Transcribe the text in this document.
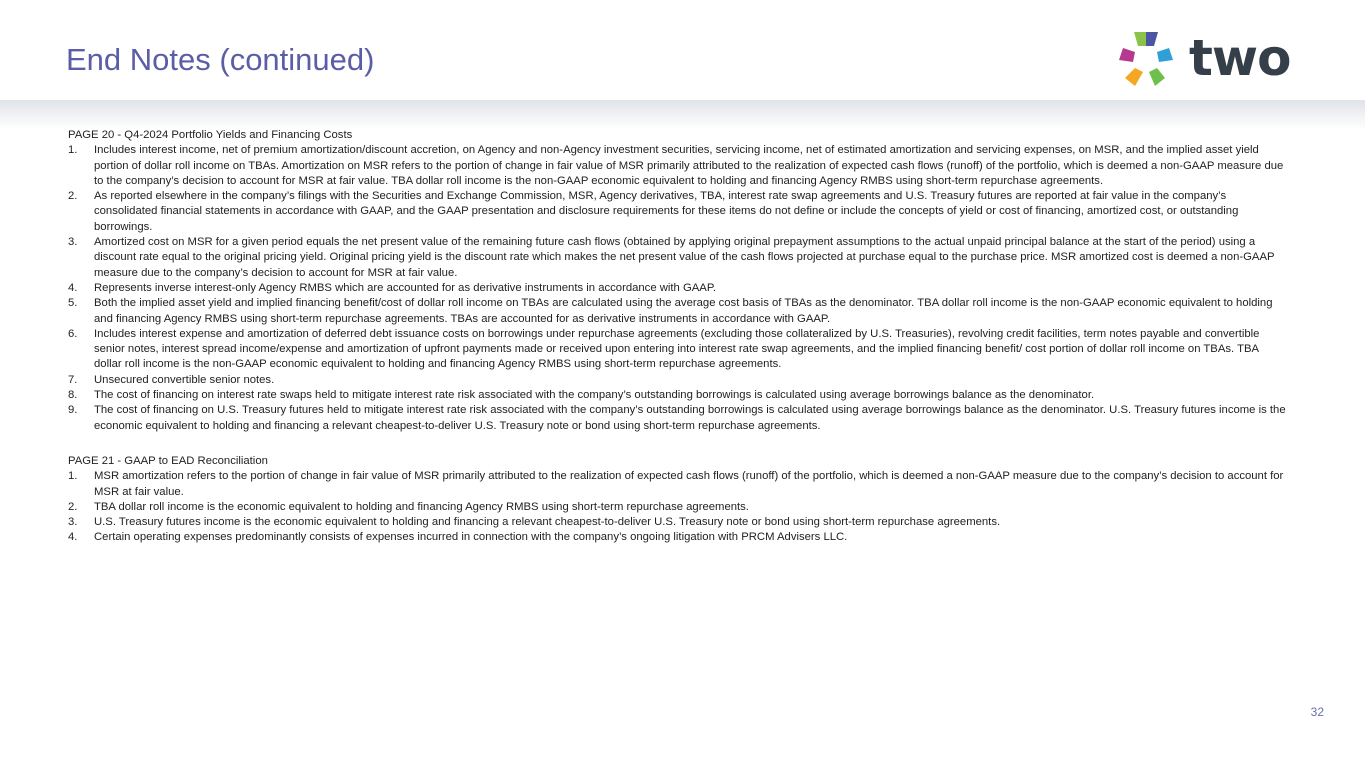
End Notes (continued)	two

PAGE 20 - Q4-2024 Portfolio Yields and Financing Costs

1. Includes interest income, net of premium amortization/discount accretion, on Agency and non-Agency investment securities, servicing income, net of estimated amortization and servicing expenses, on MSR, and the implied asset yield portion of dollar roll income on TBAs. Amortization on MSR refers to the portion of change in fair value of MSR primarily attributed to the realization of expected cash flows (runoff) of the portfolio, which is deemed a non-GAAP measure due to the company’s decision to account for MSR at fair value. TBA dollar roll income is the non-GAAP economic equivalent to holding and financing Agency RMBS using short-term repurchase agreements.
2. As reported elsewhere in the company’s filings with the Securities and Exchange Commission, MSR, Agency derivatives, TBA, interest rate swap agreements and U.S. Treasury futures are reported at fair value in the company’s consolidated financial statements in accordance with GAAP, and the GAAP presentation and disclosure requirements for these items do not define or include the concepts of yield or cost of financing, amortized cost, or outstanding borrowings.
3. Amortized cost on MSR for a given period equals the net present value of the remaining future cash flows (obtained by applying original prepayment assumptions to the actual unpaid principal balance at the start of the period) using a discount rate equal to the original pricing yield. Original pricing yield is the discount rate which makes the net present value of the cash flows projected at purchase equal to the purchase price. MSR amortized cost is deemed a non-GAAP measure due to the company’s decision to account for MSR at fair value.
4. Represents inverse interest-only Agency RMBS which are accounted for as derivative instruments in accordance with GAAP.
5. Both the implied asset yield and implied financing benefit/cost of dollar roll income on TBAs are calculated using the average cost basis of TBAs as the denominator. TBA dollar roll income is the non-GAAP economic equivalent to holding and financing Agency RMBS using short-term repurchase agreements. TBAs are accounted for as derivative instruments in accordance with GAAP.
6. Includes interest expense and amortization of deferred debt issuance costs on borrowings under repurchase agreements (excluding those collateralized by U.S. Treasuries), revolving credit facilities, term notes payable and convertible senior notes, interest spread income/expense and amortization of upfront payments made or received upon entering into interest rate swap agreements, and the implied financing benefit/ cost portion of dollar roll income on TBAs. TBA dollar roll income is the non-GAAP economic equivalent to holding and financing Agency RMBS using short-term repurchase agreements.
7. Unsecured convertible senior notes.
8. The cost of financing on interest rate swaps held to mitigate interest rate risk associated with the company’s outstanding borrowings is calculated using average borrowings balance as the denominator.
9. The cost of financing on U.S. Treasury futures held to mitigate interest rate risk associated with the company’s outstanding borrowings is calculated using average borrowings balance as the denominator. U.S. Treasury futures income is the economic equivalent to holding and financing a relevant cheapest-to-deliver U.S. Treasury note or bond using short-term repurchase agreements.

PAGE 21 - GAAP to EAD Reconciliation

1. MSR amortization refers to the portion of change in fair value of MSR primarily attributed to the realization of expected cash flows (runoff) of the portfolio, which is deemed a non-GAAP measure due to the company’s decision to account for MSR at fair value.
2. TBA dollar roll income is the economic equivalent to holding and financing Agency RMBS using short-term repurchase agreements.
3. U.S. Treasury futures income is the economic equivalent to holding and financing a relevant cheapest-to-deliver U.S. Treasury note or bond using short-term repurchase agreements.
4. Certain operating expenses predominantly consists of expenses incurred in connection with the company’s ongoing litigation with PRCM Advisers LLC.
32
